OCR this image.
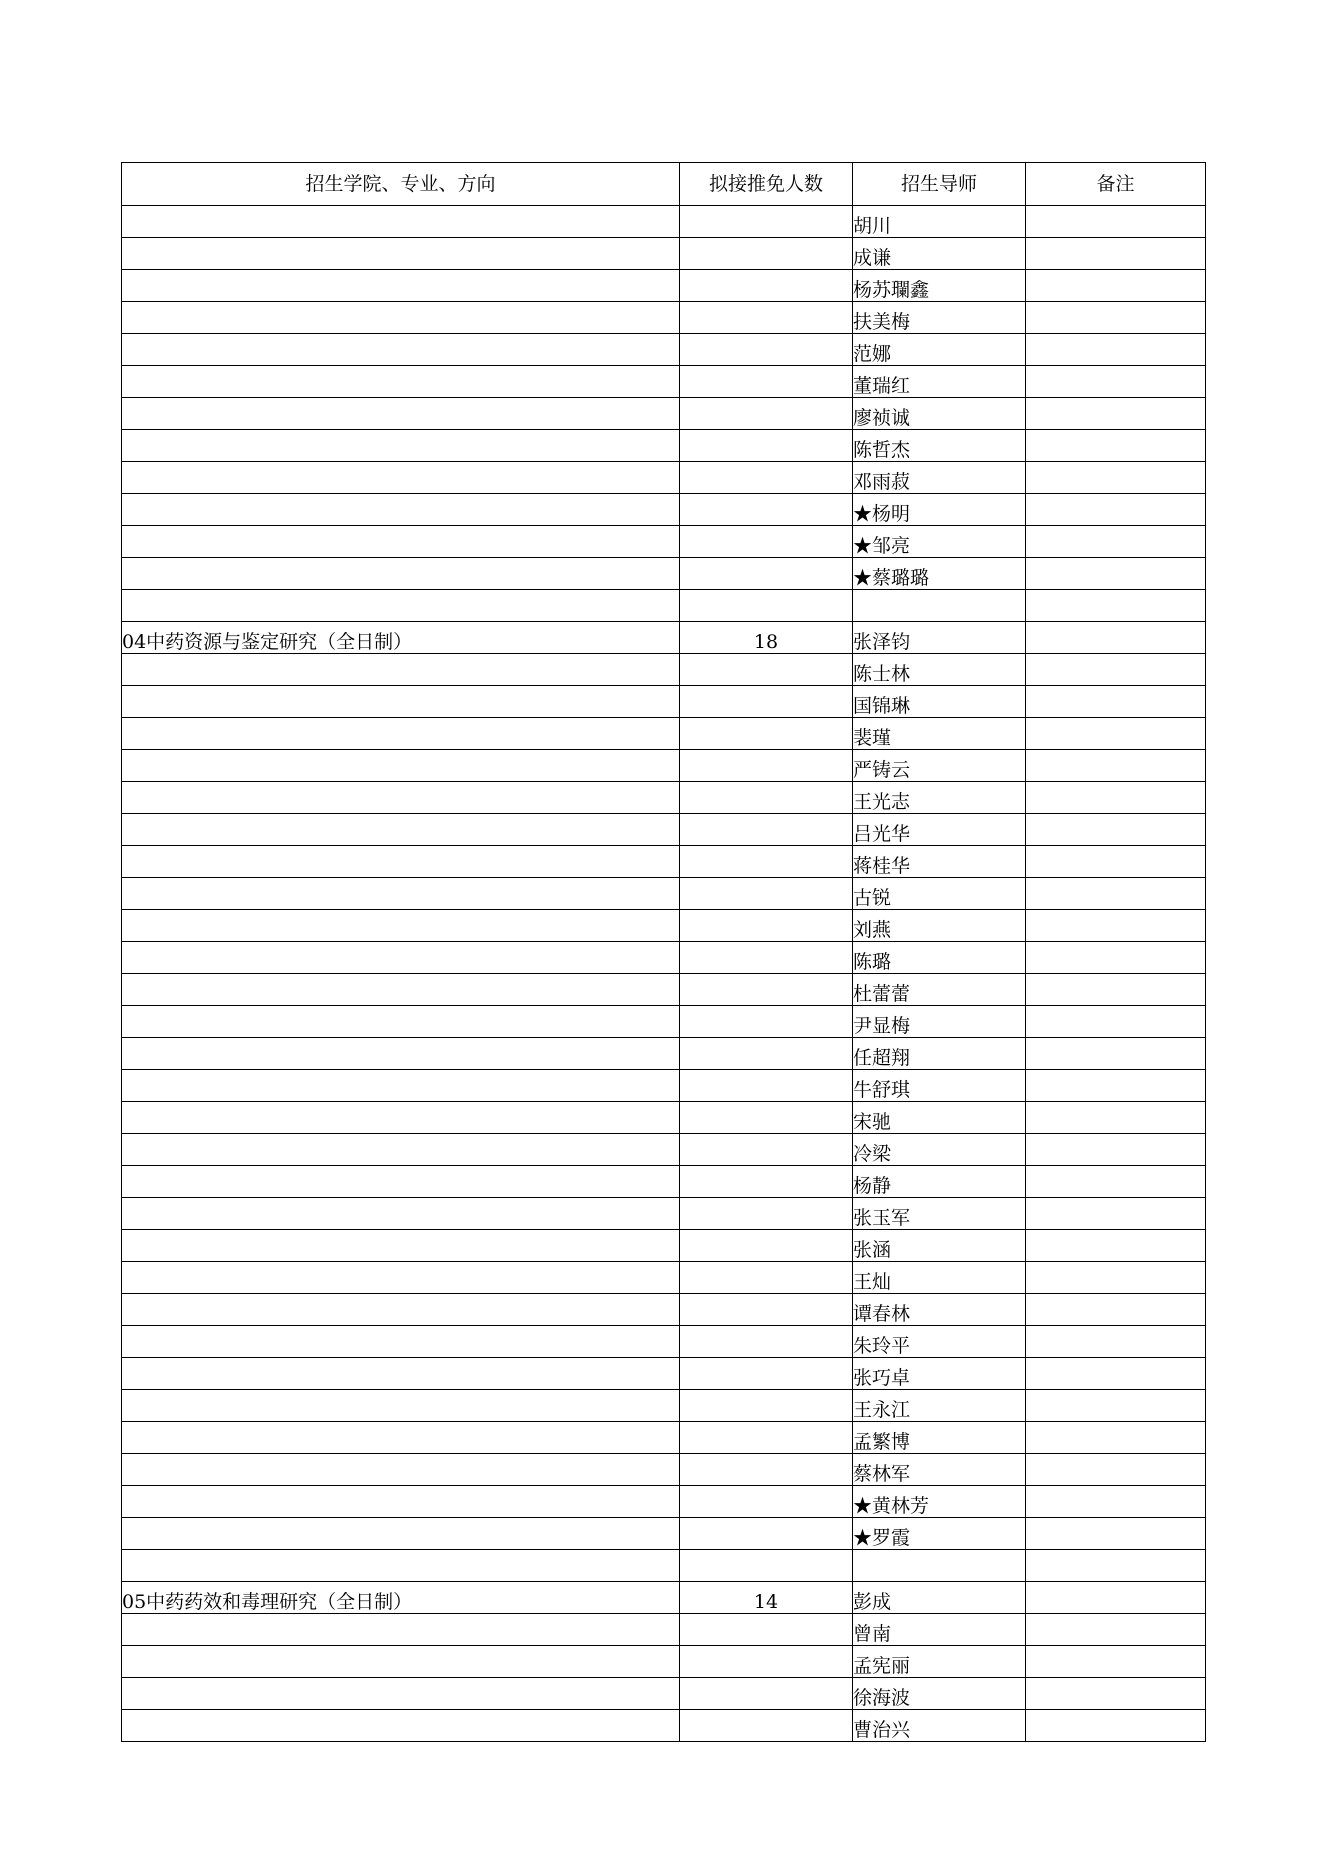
招生学院、专业、方向	拟接推免人数	招生导师	备注
		胡川	
		成谦	
		杨苏瓓鑫	
		扶美梅	
		范娜	
		董瑞红	
		廖祯诚	
		陈哲杰	
		邓雨菽	
		★杨明	
		★邹亮	
		★蔡璐璐	

04中药资源与鉴定研究（全日制）	18	张泽钧	
		陈士林	
		国锦琳	
		裴瑾	
		严铸云	
		王光志	
		吕光华	
		蒋桂华	
		古锐	
		刘燕	
		陈璐	
		杜蕾蕾	
		尹显梅	
		任超翔	
		牛舒琪	
		宋驰	
		冷梁	
		杨静	
		张玉军	
		张涵	
		王灿	
		谭春林	
		朱玲平	
		张巧卓	
		王永江	
		孟繁博	
		蔡林军	
		★黄林芳	
		★罗霞	

05中药药效和毒理研究（全日制）	14	彭成	
		曾南	
		孟宪丽	
		徐海波	
		曹治兴	
